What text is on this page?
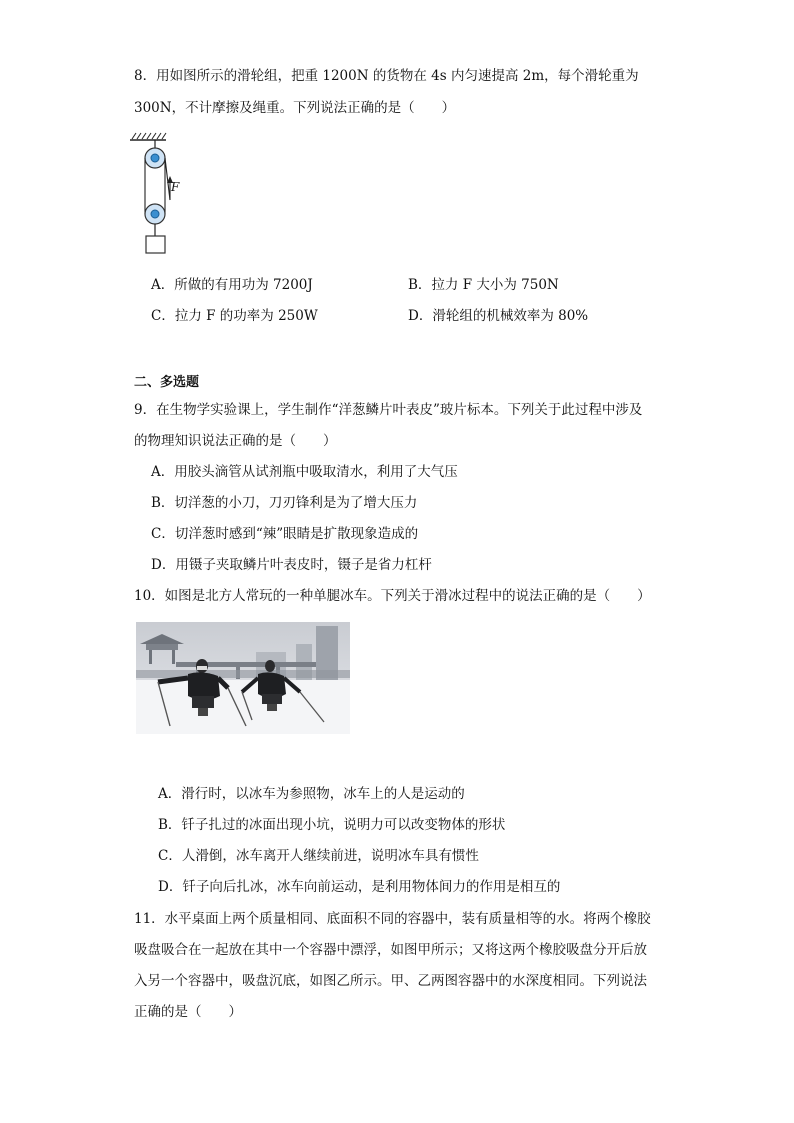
8．用如图所示的滑轮组，把重 1200N 的货物在 4s 内匀速提高 2m，每个滑轮重为
300N，不计摩擦及绳重。下列说法正确的是（　　）
F
A．所做的有用功为 7200J	B．拉力 F 大小为 750N
C．拉力 F 的功率为 250W	D．滑轮组的机械效率为 80%
二、多选题
9．在生物学实验课上，学生制作“洋葱鳞片叶表皮”玻片标本。下列关于此过程中涉及
的物理知识说法正确的是（　　）
A．用胶头滴管从试剂瓶中吸取清水，利用了大气压
B．切洋葱的小刀，刀刃锋利是为了增大压力
C．切洋葱时感到“辣”眼睛是扩散现象造成的
D．用镊子夹取鳞片叶表皮时，镊子是省力杠杆
10．如图是北方人常玩的一种单腿冰车。下列关于滑冰过程中的说法正确的是（　　）
A．滑行时，以冰车为参照物，冰车上的人是运动的
B．钎子扎过的冰面出现小坑，说明力可以改变物体的形状
C．人滑倒，冰车离开人继续前进，说明冰车具有惯性
D．钎子向后扎冰，冰车向前运动，是利用物体间力的作用是相互的
11．水平桌面上两个质量相同、底面积不同的容器中，装有质量相等的水。将两个橡胶
吸盘吸合在一起放在其中一个容器中漂浮，如图甲所示；又将这两个橡胶吸盘分开后放
入另一个容器中，吸盘沉底，如图乙所示。甲、乙两图容器中的水深度相同。下列说法
正确的是（　　）
